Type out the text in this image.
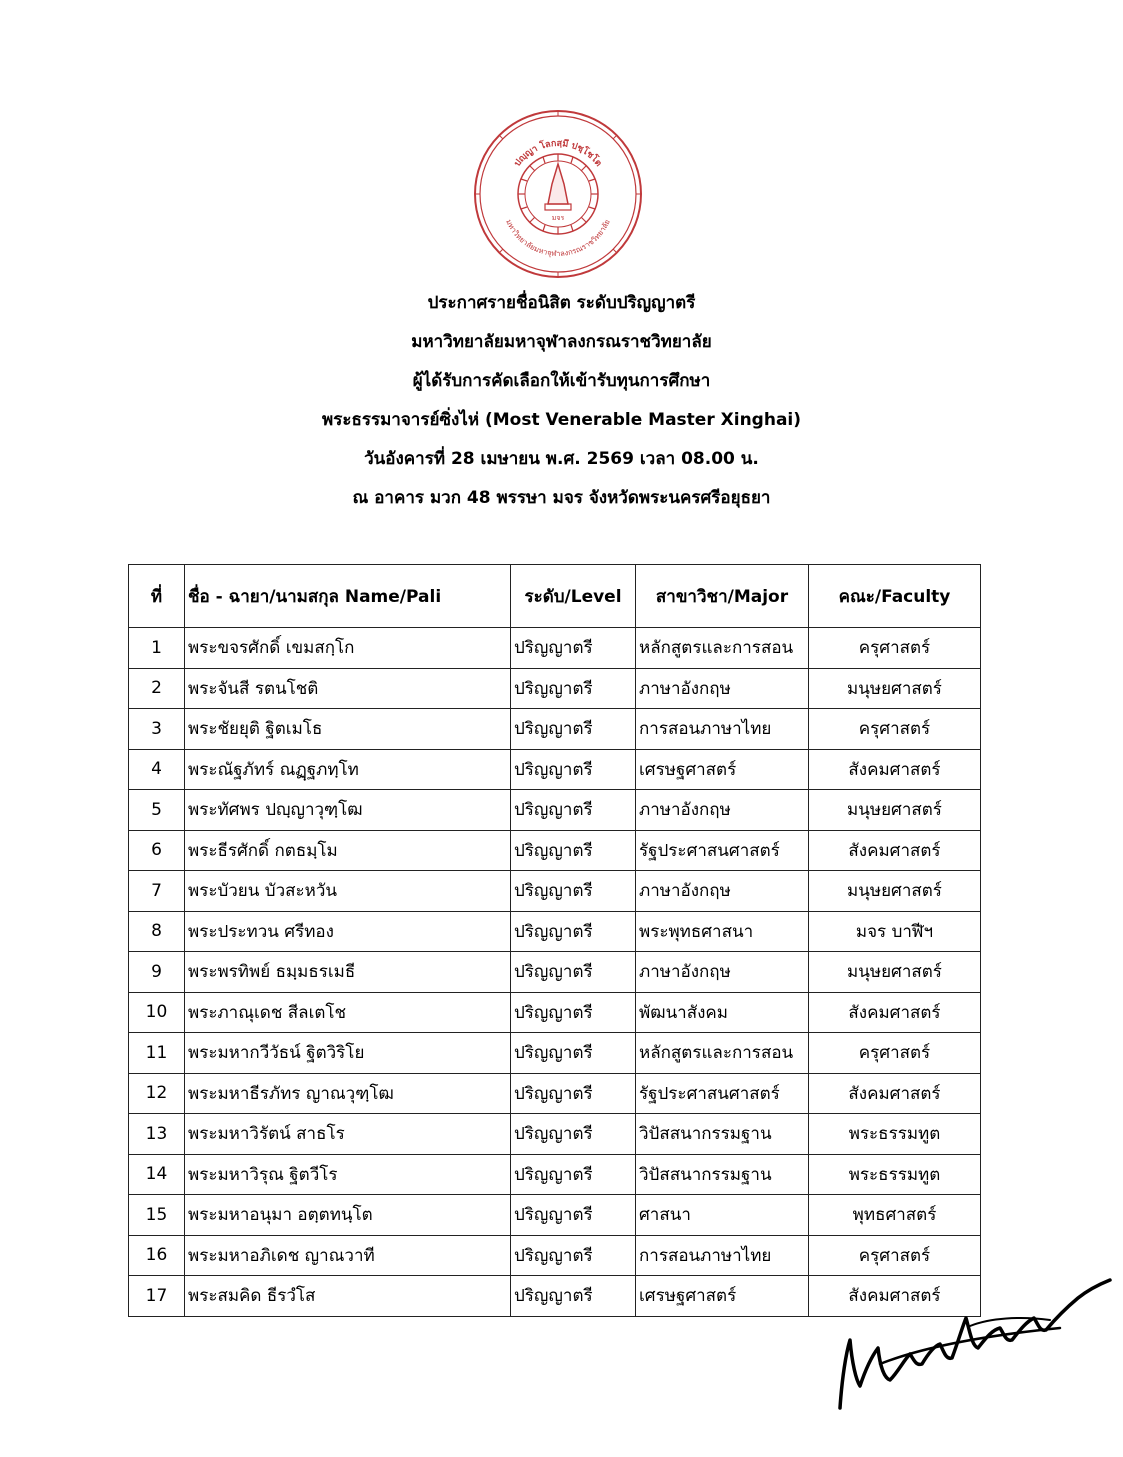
มจร
ปญฺญา โลกสฺมึ ปชฺโชโต
มหาวิทยาลัยมหาจุฬาลงกรณราชวิทยาลัย
ประกาศรายชื่อนิสิต ระดับปริญญาตรี
มหาวิทยาลัยมหาจุฬาลงกรณราชวิทยาลัย
ผู้ได้รับการคัดเลือกให้เข้ารับทุนการศึกษา
พระธรรมาจารย์ซิ่งไห่ (Most Venerable Master Xinghai)
วันอังคารที่ 28 เมษายน พ.ศ. 2569 เวลา 08.00 น.
ณ อาคาร มวก 48 พรรษา มจร จังหวัดพระนครศรีอยุธยา
ที่	ชื่อ - ฉายา/นามสกุล Name/Pali	ระดับ/Level	สาขาวิชา/Major	คณะ/Faculty
1	พระขจรศักดิ์ เขมสกฺโก	ปริญญาตรี	หลักสูตรและการสอน	ครุศาสตร์
2	พระจันสี รตนโชติ	ปริญญาตรี	ภาษาอังกฤษ	มนุษยศาสตร์
3	พระชัยยุติ ฐิตเมโธ	ปริญญาตรี	การสอนภาษาไทย	ครุศาสตร์
4	พระณัฐภัทร์ ณฏฺฐภทฺโท	ปริญญาตรี	เศรษฐศาสตร์	สังคมศาสตร์
5	พระทัศพร ปญฺญาวุฑฺโฒ	ปริญญาตรี	ภาษาอังกฤษ	มนุษยศาสตร์
6	พระธีรศักดิ์ กตธมฺโม	ปริญญาตรี	รัฐประศาสนศาสตร์	สังคมศาสตร์
7	พระบัวยน บัวสะหวัน	ปริญญาตรี	ภาษาอังกฤษ	มนุษยศาสตร์
8	พระประทวน ศรีทอง	ปริญญาตรี	พระพุทธศาสนา	มจร บาฬีฯ
9	พระพรทิพย์ ธมฺมธรเมธี	ปริญญาตรี	ภาษาอังกฤษ	มนุษยศาสตร์
10	พระภาณุเดช สีลเตโช	ปริญญาตรี	พัฒนาสังคม	สังคมศาสตร์
11	พระมหากวีวัธน์ ฐิตวิริโย	ปริญญาตรี	หลักสูตรและการสอน	ครุศาสตร์
12	พระมหาธีรภัทร ญาณวุฑฺโฒ	ปริญญาตรี	รัฐประศาสนศาสตร์	สังคมศาสตร์
13	พระมหาวิรัตน์ สาธโร	ปริญญาตรี	วิปัสสนากรรมฐาน	พระธรรมทูต
14	พระมหาวิรุณ ฐิตวีโร	ปริญญาตรี	วิปัสสนากรรมฐาน	พระธรรมทูต
15	พระมหาอนุมา อตฺตทนฺโต	ปริญญาตรี	ศาสนา	พุทธศาสตร์
16	พระมหาอภิเดช ญาณวาที	ปริญญาตรี	การสอนภาษาไทย	ครุศาสตร์
17	พระสมคิด ธีรวํโส	ปริญญาตรี	เศรษฐศาสตร์	สังคมศาสตร์
